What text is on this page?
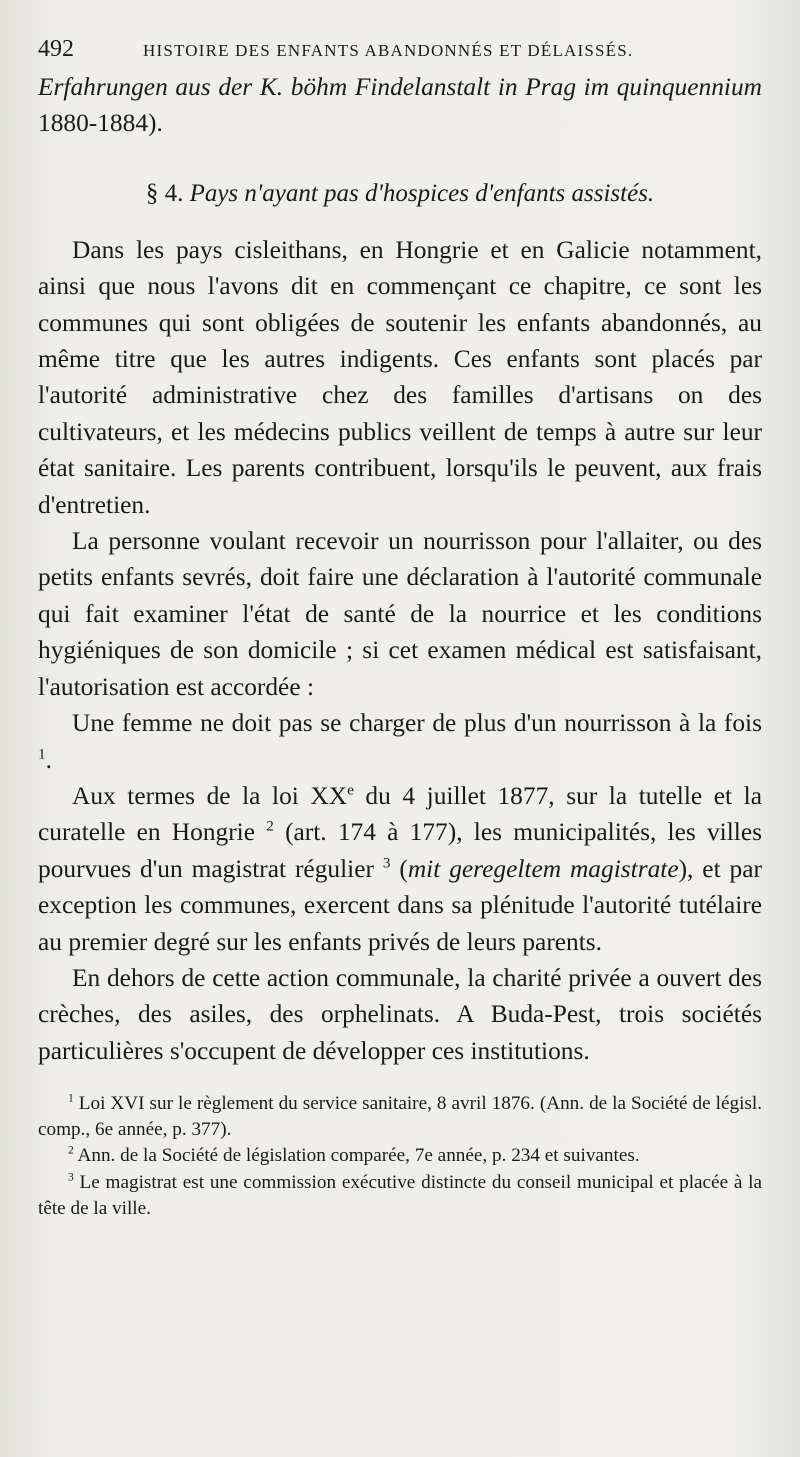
492	HISTOIRE DES ENFANTS ABANDONNÉS ET DÉLAISSÉS.

Erfahrungen aus der K. böhm Findelanstalt in Prag im quinquennium 1880-1884).

§ 4. Pays n'ayant pas d'hospices d'enfants assistés.

Dans les pays cisleithans, en Hongrie et en Galicie notamment, ainsi que nous l'avons dit en commençant ce chapitre, ce sont les communes qui sont obligées de soutenir les enfants abandonnés, au même titre que les autres indigents. Ces enfants sont placés par l'autorité administrative chez des familles d'artisans on des cultivateurs, et les médecins publics veillent de temps à autre sur leur état sanitaire. Les parents contribuent, lorsqu'ils le peuvent, aux frais d'entretien.

La personne voulant recevoir un nourrisson pour l'allaiter, ou des petits enfants sevrés, doit faire une déclaration à l'autorité communale qui fait examiner l'état de santé de la nourrice et les conditions hygiéniques de son domicile ; si cet examen médical est satisfaisant, l'autorisation est accordée :

Une femme ne doit pas se charger de plus d'un nourrisson à la fois $^1$.

Aux termes de la loi XXe du 4 juillet 1877, sur la tutelle et la curatelle en Hongrie $^2$ (art. 174 à 177), les municipalités, les villes pourvues d'un magistrat régulier $^3$ (mit geregeltem magistrate), et par exception les communes, exercent dans sa plénitude l'autorité tutélaire au premier degré sur les enfants privés de leurs parents.

En dehors de cette action communale, la charité privée a ouvert des crèches, des asiles, des orphelinats. A Buda-Pest, trois sociétés particulières s'occupent de développer ces institutions.

$^1$ Loi XVI sur le règlement du service sanitaire, 8 avril 1876. (Ann. de la Société de législ. comp., 6e année, p. 377).

$^2$ Ann. de la Société de législation comparée, 7e année, p. 234 et suivantes.

$^3$ Le magistrat est une commission exécutive distincte du conseil municipal et placée à la tête de la ville.
